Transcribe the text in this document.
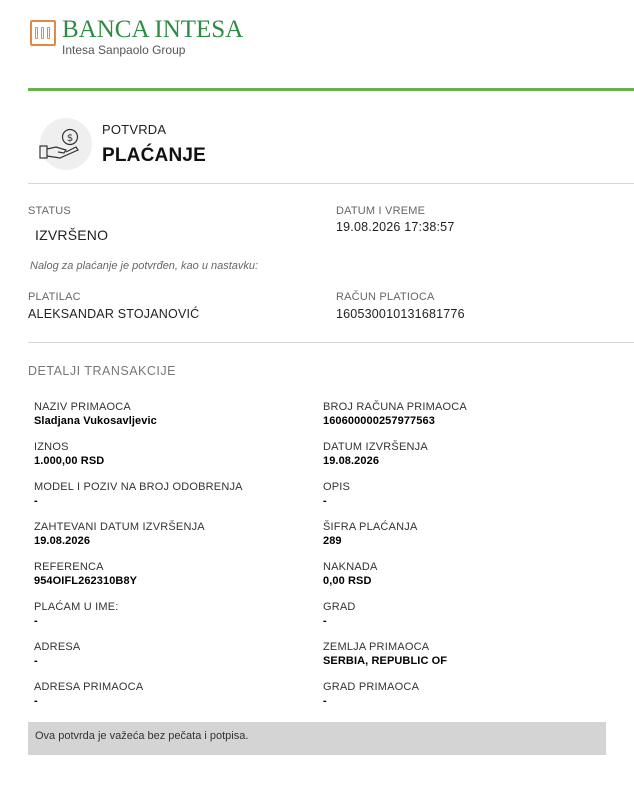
BANCA INTESA
Intesa Sanpaolo Group
$
POTVRDA
PLAĆANJE
STATUS
IZVRŠENO
DATUM I VREME
19.08.2026 17:38:57
Nalog za plaćanje je potvrđen, kao u nastavku:
PLATILAC
ALEKSANDAR STOJANOVIĆ
RAČUN PLATIOCA
160530010131681776
DETALJI TRANSAKCIJE
NAZIV PRIMAOCA
Sladjana Vukosavljevic
IZNOS
1.000,00 RSD
MODEL I POZIV NA BROJ ODOBRENJA
-
ZAHTEVANI DATUM IZVRŠENJA
19.08.2026
REFERENCA
954OIFL262310B8Y
PLAĆAM U IME:
-
ADRESA
-
ADRESA PRIMAOCA
-
BROJ RAČUNA PRIMAOCA
160600000257977563
DATUM IZVRŠENJA
19.08.2026
OPIS
-
ŠIFRA PLAĆANJA
289
NAKNADA
0,00 RSD
GRAD
-
ZEMLJA PRIMAOCA
SERBIA, REPUBLIC OF
GRAD PRIMAOCA
-
Ova potvrda je važeća bez pečata i potpisa.
